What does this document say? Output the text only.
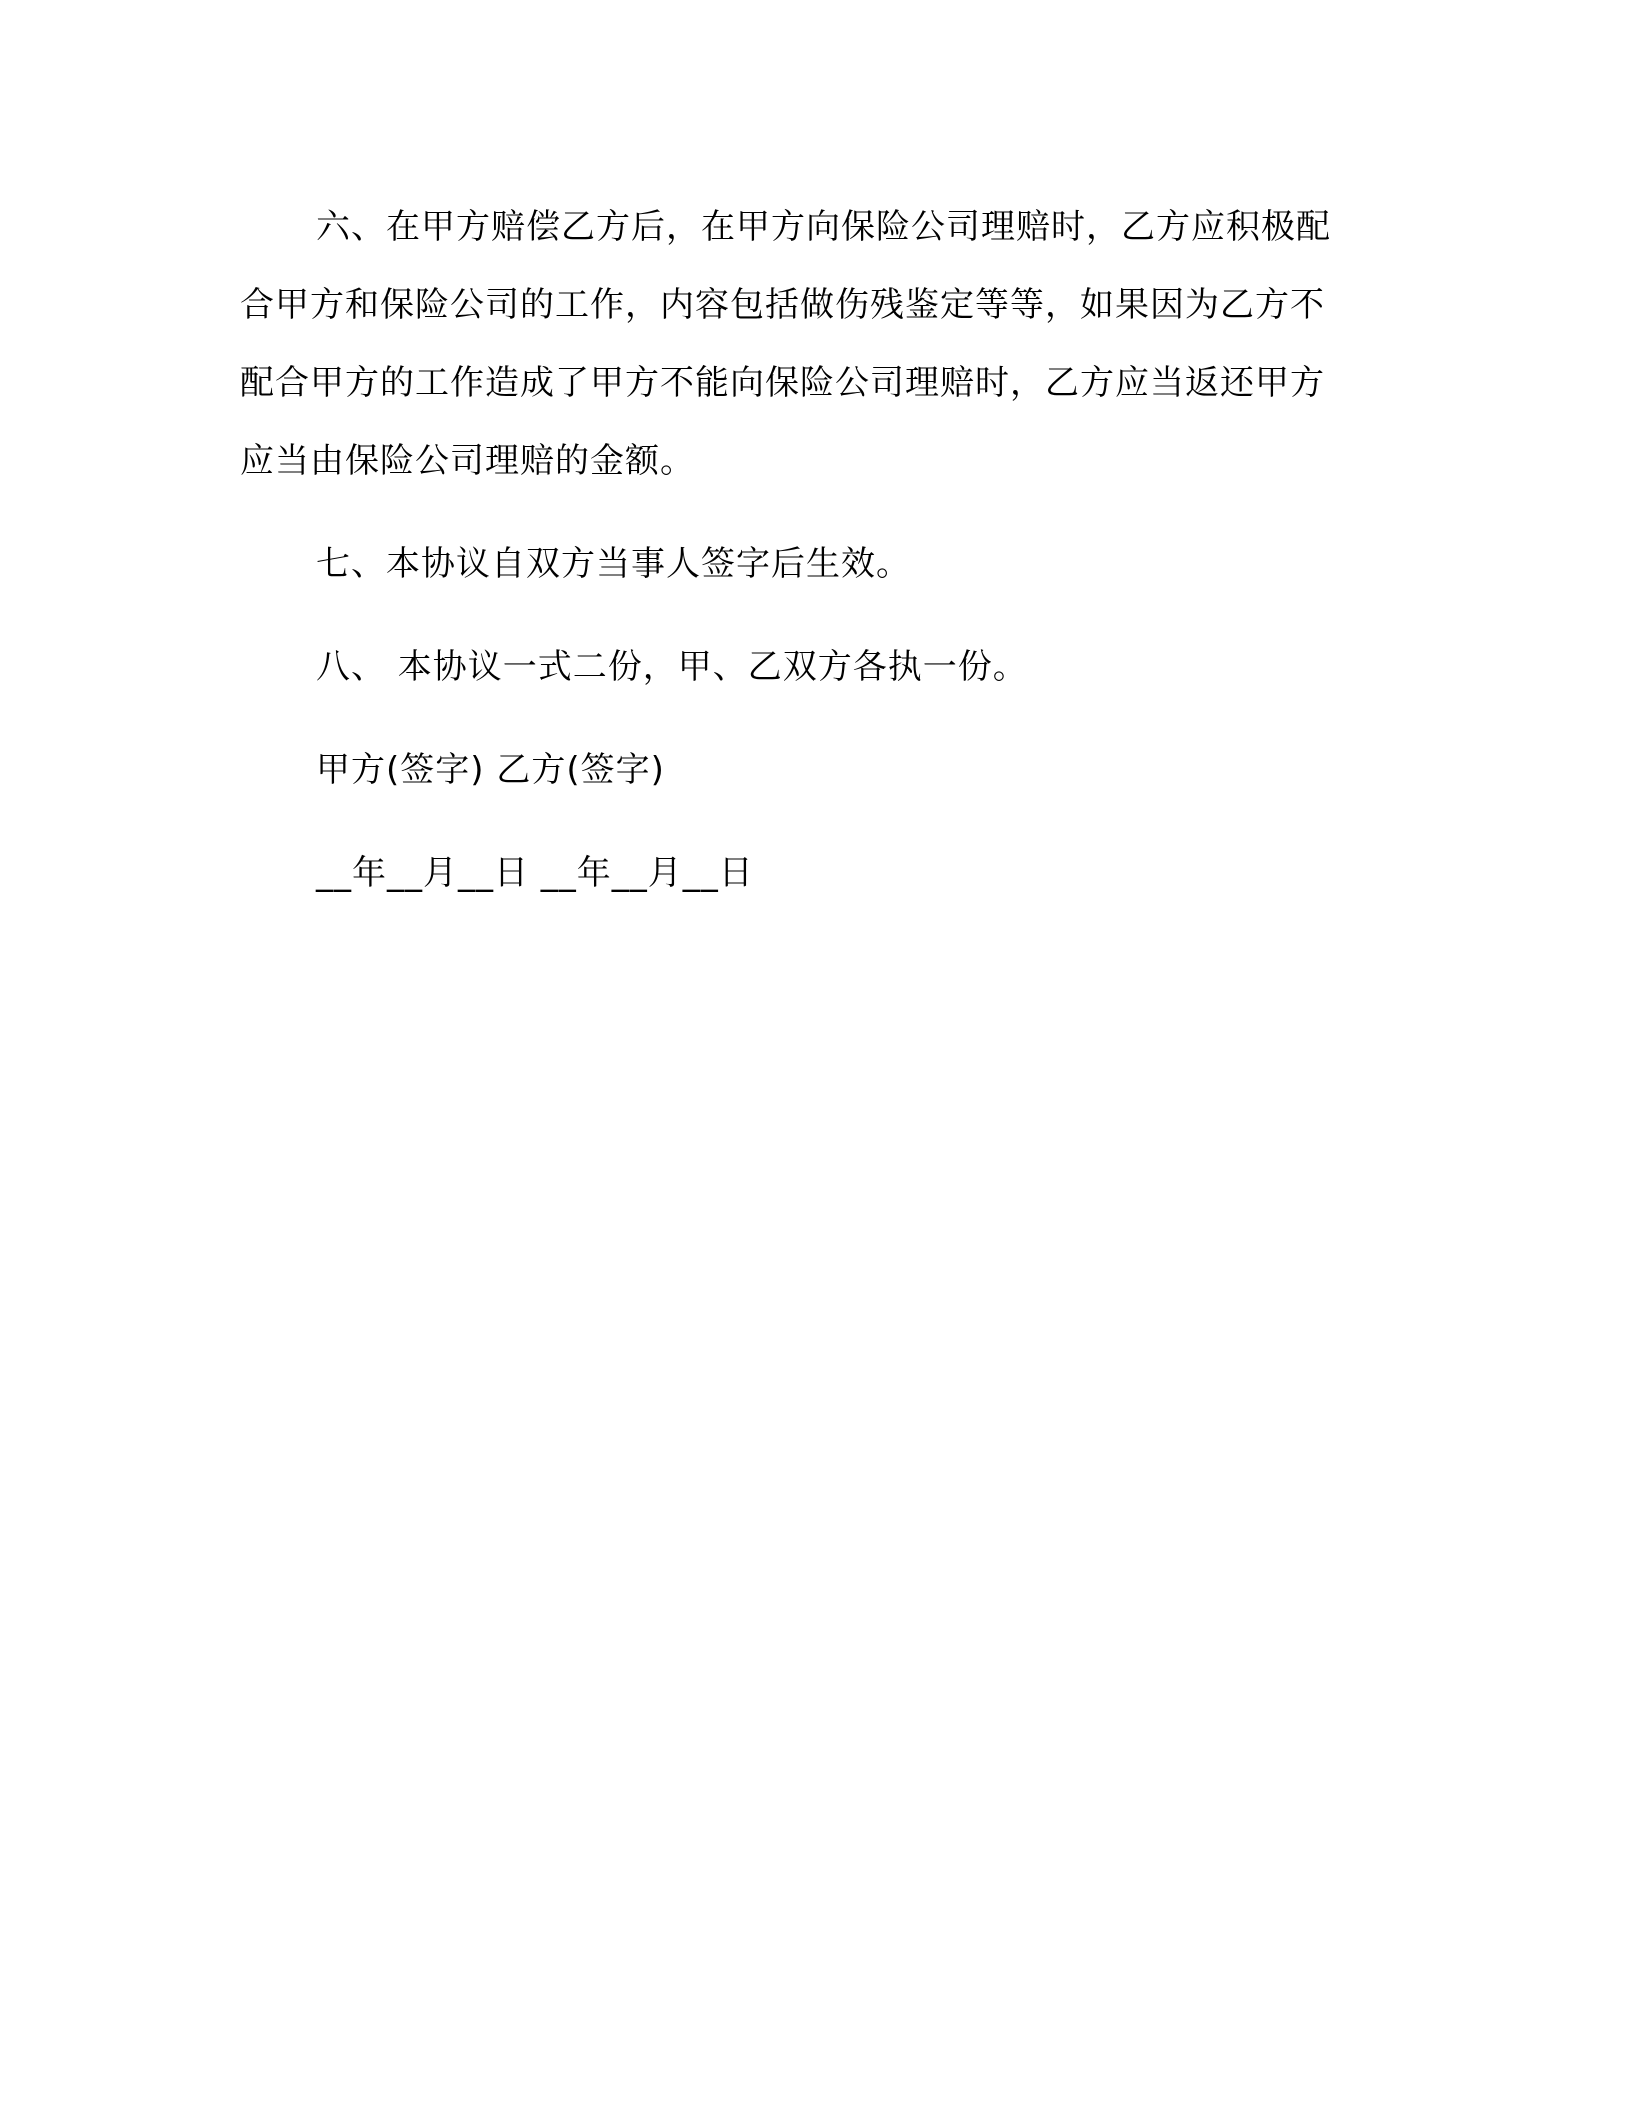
六、在甲方赔偿乙方后，在甲方向保险公司理赔时，乙方应积极配合甲方和保险公司的工作，内容包括做伤残鉴定等等，如果因为乙方不配合甲方的工作造成了甲方不能向保险公司理赔时，乙方应当返还甲方应当由保险公司理赔的金额。

七、本协议自双方当事人签字后生效。

八、 本协议一式二份，甲、乙双方各执一份。

甲方(签字) 乙方(签字)

__年__月__日 __年__月__日
